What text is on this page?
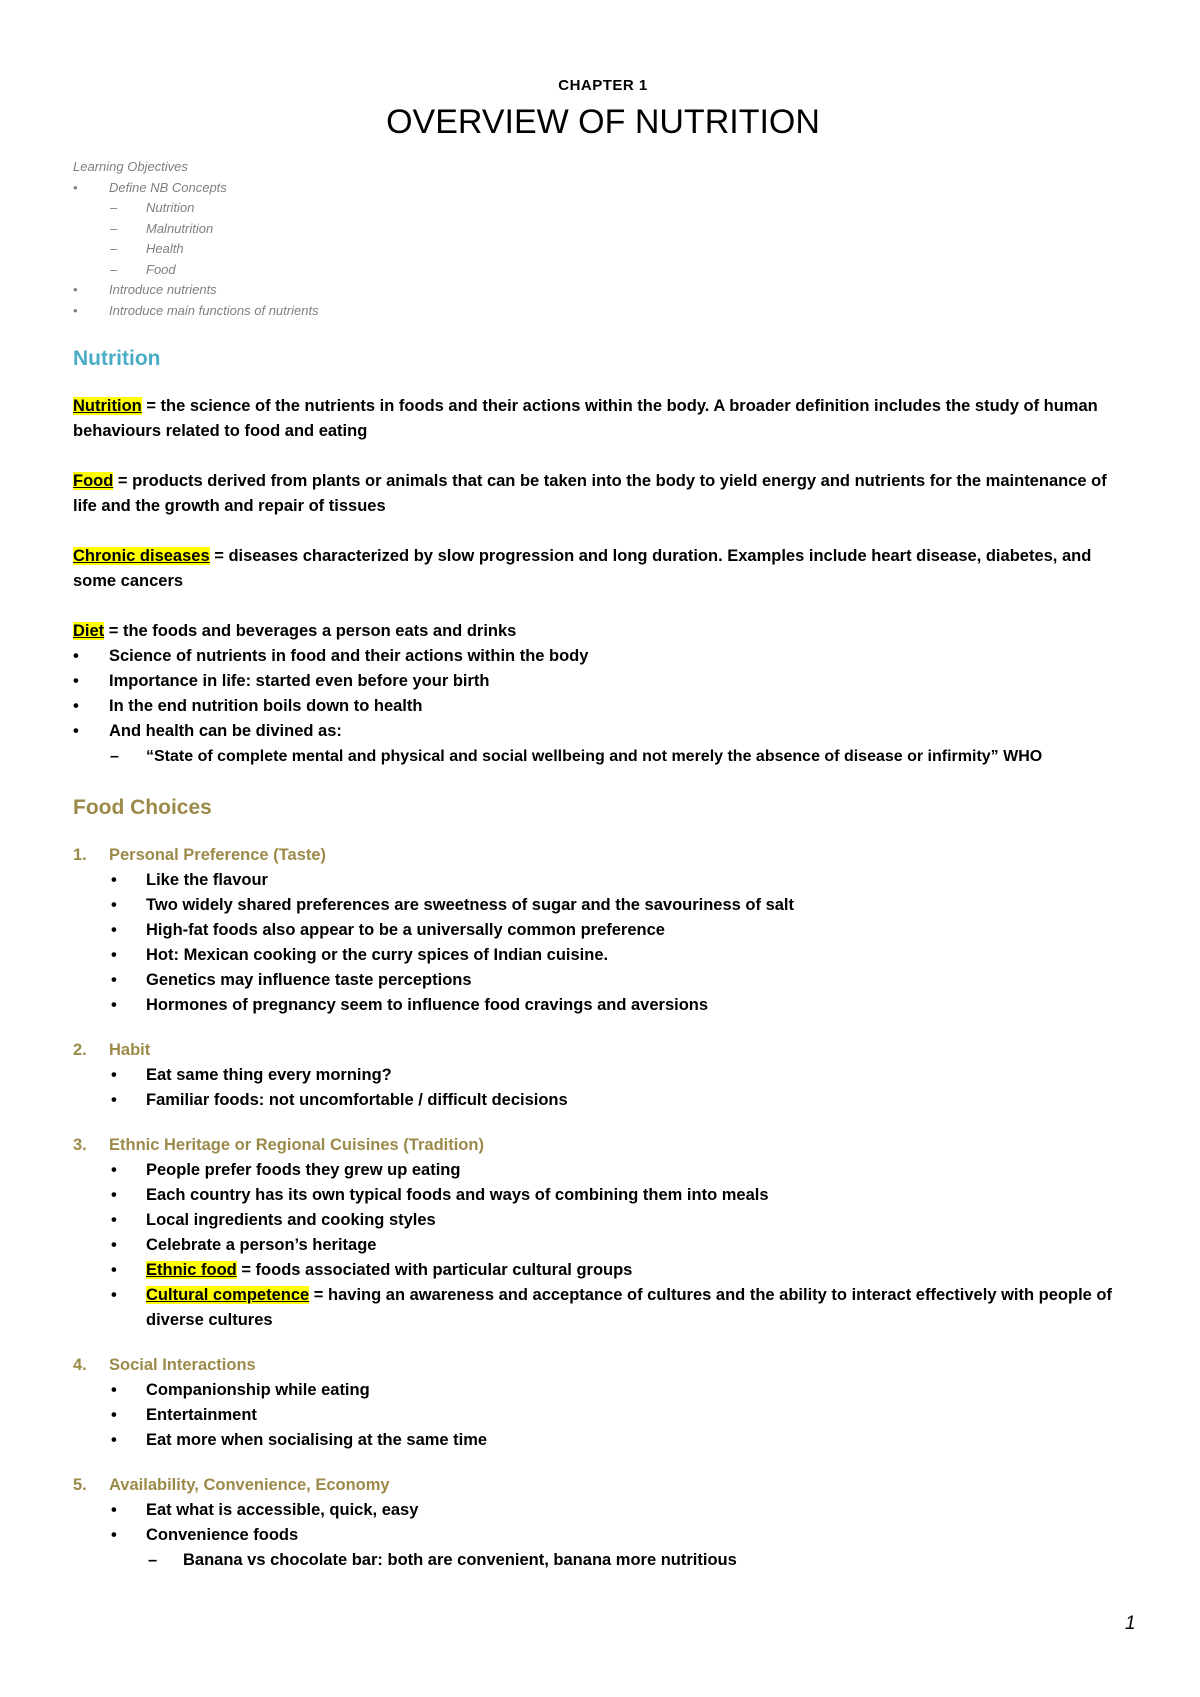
CHAPTER 1

OVERVIEW OF NUTRITION
Learning Objectives
• Define NB Concepts
– Nutrition
– Malnutrition
– Health
– Food
• Introduce nutrients
• Introduce main functions of nutrients
Nutrition

Nutrition = the science of the nutrients in foods and their actions within the body. A broader definition includes the study of human behaviours related to food and eating

Food = products derived from plants or animals that can be taken into the body to yield energy and nutrients for the maintenance of life and the growth and repair of tissues

Chronic diseases = diseases characterized by slow progression and long duration. Examples include heart disease, diabetes, and some cancers

Diet = the foods and beverages a person eats and drinks

•	Science of nutrients in food and their actions within the body
•	Importance in life: started even before your birth
•	In the end nutrition boils down to health
•	And health can be divined as:
–	“State of complete mental and physical and social wellbeing and not merely the absence of disease or infirmity” WHO
Food Choices
1.	Personal Preference (Taste)
•	Like the flavour
•	Two widely shared preferences are sweetness of sugar and the savouriness of salt
•	High-fat foods also appear to be a universally common preference
•	Hot: Mexican cooking or the curry spices of Indian cuisine.
•	Genetics may influence taste perceptions
•	Hormones of pregnancy seem to influence food cravings and aversions
2.	Habit
•	Eat same thing every morning?
•	Familiar foods: not uncomfortable / difficult decisions
3.	Ethnic Heritage or Regional Cuisines (Tradition)
•	People prefer foods they grew up eating
•	Each country has its own typical foods and ways of combining them into meals
•	Local ingredients and cooking styles
•	Celebrate a person’s heritage
•	Ethnic food = foods associated with particular cultural groups
•	Cultural competence = having an awareness and acceptance of cultures and the ability to interact effectively with people of diverse cultures
4.	Social Interactions
•	Companionship while eating
•	Entertainment
•	Eat more when socialising at the same time
5.	Availability, Convenience, Economy
•	Eat what is accessible, quick, easy
•	Convenience foods
–	Banana vs chocolate bar: both are convenient, banana more nutritious
1
